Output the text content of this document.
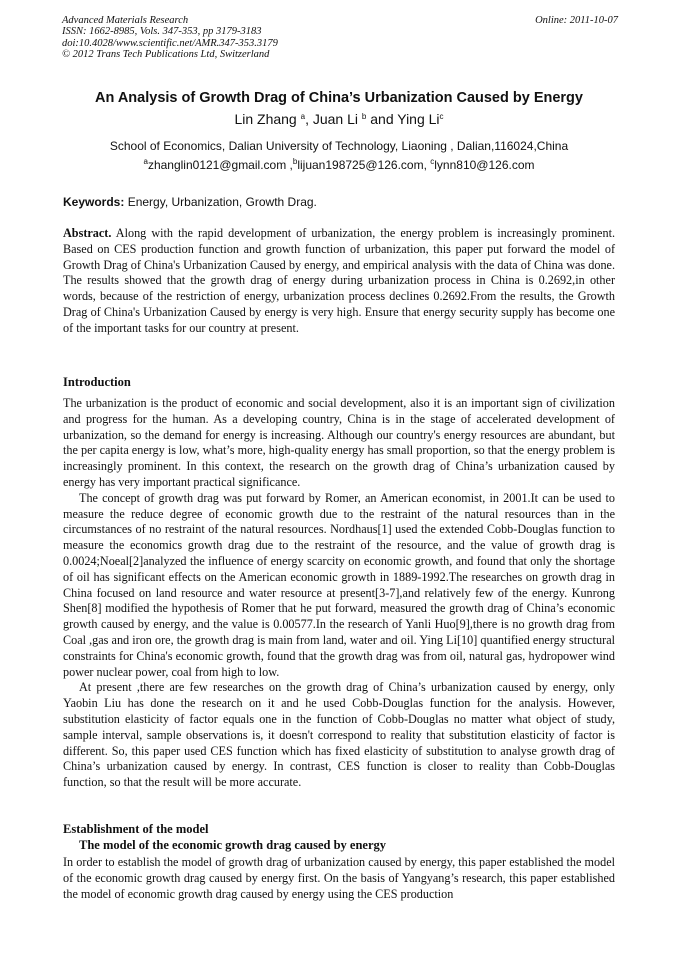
Advanced Materials Research
ISSN: 1662-8985, Vols. 347-353, pp 3179-3183
doi:10.4028/www.scientific.net/AMR.347-353.3179
© 2012 Trans Tech Publications Ltd, Switzerland
Online: 2011-10-07
An Analysis of Growth Drag of China’s Urbanization Caused by Energy
Lin Zhang $^a$, Juan Li $^b$ and Ying Li$^c$
School of Economics, Dalian University of Technology, Liaoning , Dalian,116024,China
$^a$zhanglin0121@gmail.com ,$^b$lijuan198725@126.com, $^c$lynn810@126.com
Keywords: Energy, Urbanization, Growth Drag.

Abstract. Along with the rapid development of urbanization, the energy problem is increasingly prominent. Based on CES production function and growth function of urbanization, this paper put forward the model of Growth Drag of China's Urbanization Caused by energy, and empirical analysis with the data of China was done. The results showed that the growth drag of energy during urbanization process in China is 0.2692,in other words, because of the restriction of energy, urbanization process declines 0.2692.From the results, the Growth Drag of China's Urbanization Caused by energy is very high. Ensure that energy security supply has become one of the important tasks for our country at present.

Introduction

The urbanization is the product of economic and social development, also it is an important sign of civilization and progress for the human. As a developing country, China is in the stage of accelerated development of urbanization, so the demand for energy is increasing. Although our country's energy resources are abundant, but the per capita energy is low, what’s more, high-quality energy has small proportion, so that the energy problem is increasingly prominent. In this context, the research on the growth drag of China’s urbanization caused by energy has very important practical significance.

The concept of growth drag was put forward by Romer, an American economist, in 2001.It can be used to measure the reduce degree of economic growth due to the restraint of the natural resources than in the circumstances of no restraint of the natural resources. Nordhaus[1] used the extended Cobb-Douglas function to measure the economics growth drag due to the restraint of the resource, and the value of growth drag is 0.0024;Noeal[2]analyzed the influence of energy scarcity on economic growth, and found that only the shortage of oil has significant effects on the American economic growth in 1889-1992.The researches on growth drag in China focused on land resource and water resource at present[3-7],and relatively few of the energy. Kunrong Shen[8] modified the hypothesis of Romer that he put forward, measured the growth drag of China’s economic growth caused by energy, and the value is 0.00577.In the research of Yanli Huo[9],there is no growth drag from Coal ,gas and iron ore, the growth drag is main from land, water and oil. Ying Li[10] quantified energy structural constraints for China's economic growth, found that the growth drag was from oil, natural gas, hydropower wind power nuclear power, coal from high to low.

At present ,there are few researches on the growth drag of China’s urbanization caused by energy, only Yaobin Liu has done the research on it and he used Cobb-Douglas function for the analysis. However, substitution elasticity of factor equals one in the function of Cobb-Douglas no matter what object of study, sample interval, sample observations is, it doesn't correspond to reality that substitution elasticity of factor is different. So, this paper used CES function which has fixed elasticity of substitution to analyse growth drag of China’s urbanization caused by energy. In contrast, CES function is closer to reality than Cobb-Douglas function, so that the result will be more accurate.

Establishment of the model
The model of the economic growth drag caused by energy

In order to establish the model of growth drag of urbanization caused by energy, this paper established the model of the economic growth drag caused by energy first. On the basis of Yangyang’s research, this paper established the model of economic growth drag caused by energy using the CES production
